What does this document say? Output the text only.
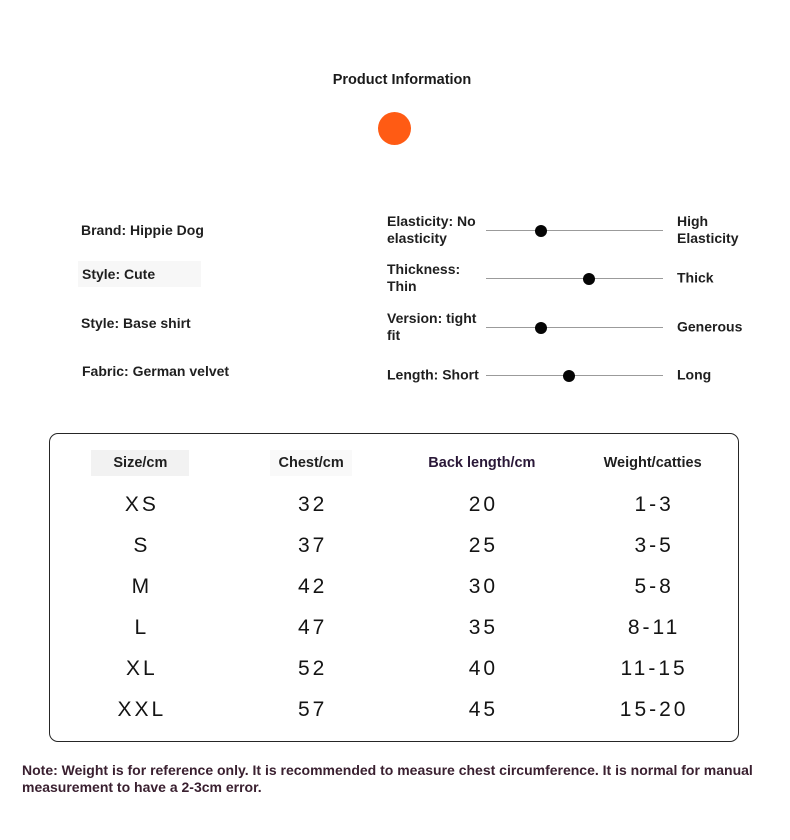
Product Information
Brand: Hippie Dog
Style: Cute
Style: Base shirt
Fabric: German velvet
Elasticity: No elasticity
High Elasticity
Thickness: Thin
Thick
Version: tight fit
Generous
Length: Short	Long
Size/cm	Chest/cm	Back length/cm	Weight/catties
XS	32	20	1-3
S	37	25	3-5
M	42	30	5-8
L	47	35	8-11
XL	52	40	11-15
XXL	57	45	15-20
Note: Weight is for reference only. It is recommended to measure chest circumference. It is normal for manual measurement to have a 2-3cm error.
